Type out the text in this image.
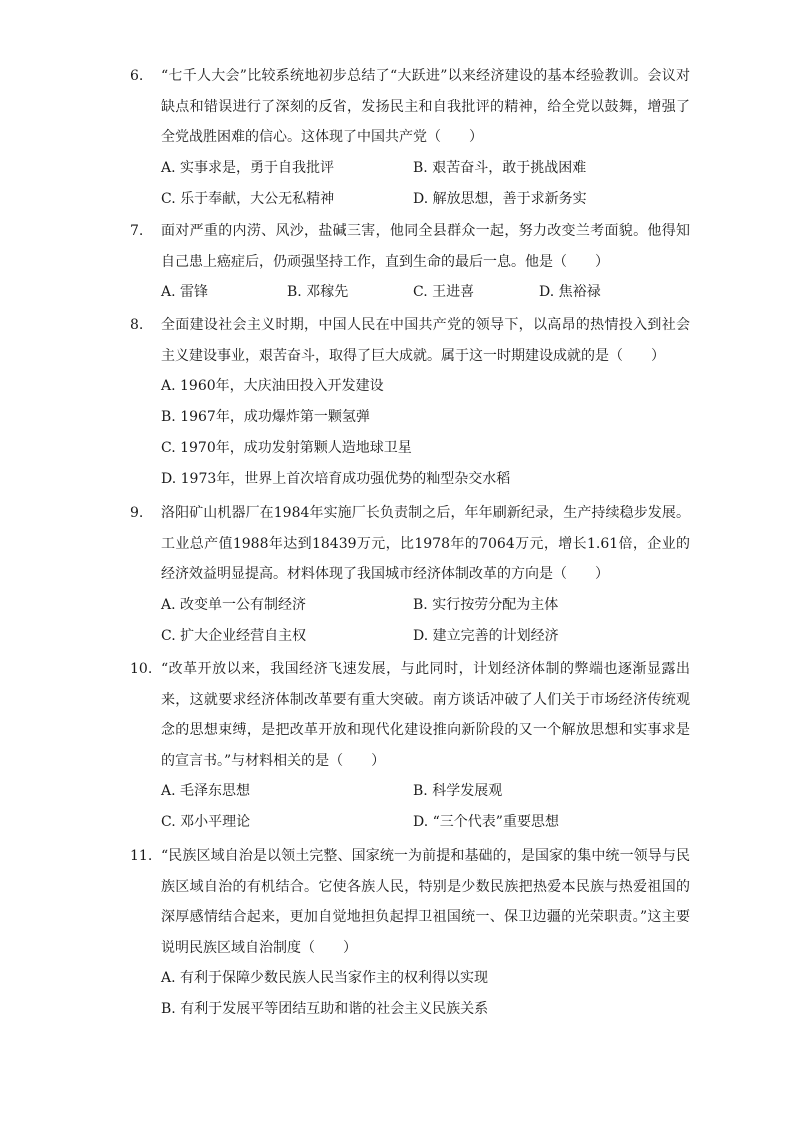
6. “七千人大会”比较系统地初步总结了“大跃进”以来经济建设的基本经验教训。会议对缺点和错误进行了深刻的反省，发扬民主和自我批评的精神，给全党以鼓舞，增强了全党战胜困难的信心。这体现了中国共产党（　　）
A. 实事求是，勇于自我批评	B. 艰苦奋斗，敢于挑战困难
C. 乐于奉献，大公无私精神	D. 解放思想，善于求新务实
7. 面对严重的内涝、风沙，盐碱三害，他同全县群众一起，努力改变兰考面貌。他得知自己患上癌症后，仍顽强坚持工作，直到生命的最后一息。他是（　　）
A. 雷锋	B. 邓稼先	C. 王进喜	D. 焦裕禄
8. 全面建设社会主义时期，中国人民在中国共产党的领导下，以高昂的热情投入到社会主义建设事业，艰苦奋斗，取得了巨大成就。属于这一时期建设成就的是（　　）
A. 1960年，大庆油田投入开发建设
B. 1967年，成功爆炸第一颗氢弹
C. 1970年，成功发射第颗人造地球卫星
D. 1973年，世界上首次培育成功强优势的籼型杂交水稻
9. 洛阳矿山机器厂在1984年实施厂长负责制之后，年年刷新纪录，生产持续稳步发展。工业总产值1988年达到18439万元，比1978年的7064万元，增长1.61倍，企业的经济效益明显提高。材料体现了我国城市经济体制改革的方向是（　　）
A. 改变单一公有制经济	B. 实行按劳分配为主体
C. 扩大企业经营自主权	D. 建立完善的计划经济
10. “改革开放以来，我国经济飞速发展，与此同时，计划经济体制的弊端也逐渐显露出来，这就要求经济体制改革要有重大突破。南方谈话冲破了人们关于市场经济传统观念的思想束缚，是把改革开放和现代化建设推向新阶段的又一个解放思想和实事求是的宣言书。”与材料相关的是（　　）
A. 毛泽东思想	B. 科学发展观
C. 邓小平理论	D. “三个代表”重要思想
11. “民族区域自治是以领土完整、国家统一为前提和基础的，是国家的集中统一领导与民族区域自治的有机结合。它使各族人民，特别是少数民族把热爱本民族与热爱祖国的深厚感情结合起来，更加自觉地担负起捍卫祖国统一、保卫边疆的光荣职责。”这主要说明民族区域自治制度（　　）
A. 有利于保障少数民族人民当家作主的权利得以实现
B. 有利于发展平等团结互助和谐的社会主义民族关系
